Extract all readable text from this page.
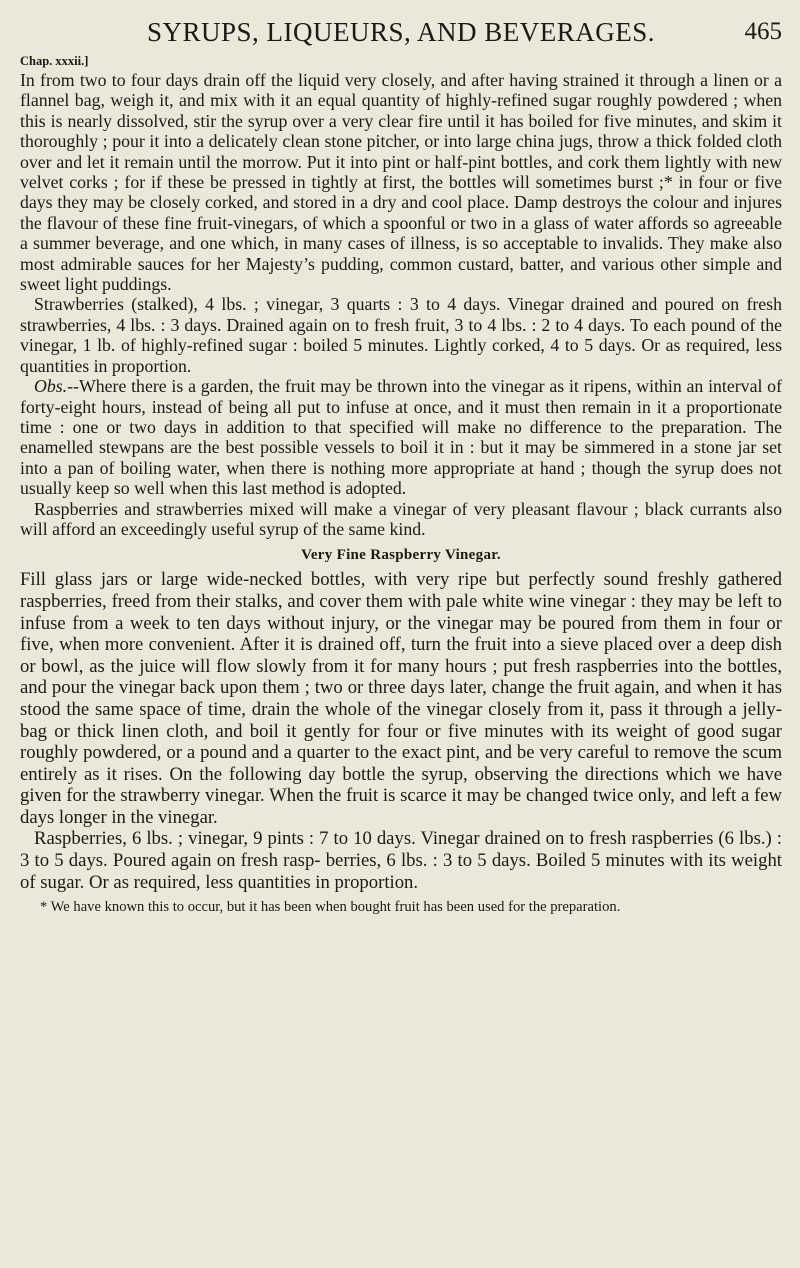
SYRUPS, LIQUEURS, AND BEVERAGES.	465
Chap. xxxii.]

In from two to four days drain off the liquid very closely, and after having strained it through a linen or a flannel bag, weigh it, and mix with it an equal quantity of highly-refined sugar roughly powdered ; when this is nearly dissolved, stir the syrup over a very clear fire until it has boiled for five minutes, and skim it thoroughly ; pour it into a delicately clean stone pitcher, or into large china jugs, throw a thick folded cloth over and let it remain until the morrow. Put it into pint or half-pint bottles, and cork them lightly with new velvet corks ; for if these be pressed in tightly at first, the bottles will sometimes burst ;* in four or five days they may be closely corked, and stored in a dry and cool place. Damp destroys the colour and injures the flavour of these fine fruit-vinegars, of which a spoonful or two in a glass of water affords so agreeable a summer beverage, and one which, in many cases of illness, is so acceptable to invalids. They make also most admirable sauces for her Majesty’s pudding, common custard, batter, and various other simple and sweet light puddings.

Strawberries (stalked), 4 lbs. ; vinegar, 3 quarts : 3 to 4 days. Vinegar drained and poured on fresh strawberries, 4 lbs. : 3 days. Drained again on to fresh fruit, 3 to 4 lbs. : 2 to 4 days. To each pound of the vinegar, 1 lb. of highly-refined sugar : boiled 5 minutes. Lightly corked, 4 to 5 days. Or as required, less quantities in proportion.

Obs.--Where there is a garden, the fruit may be thrown into the vinegar as it ripens, within an interval of forty-eight hours, instead of being all put to infuse at once, and it must then remain in it a proportionate time : one or two days in addition to that specified will make no difference to the preparation. The enamelled stewpans are the best possible vessels to boil it in : but it may be simmered in a stone jar set into a pan of boiling water, when there is nothing more appropriate at hand ; though the syrup does not usually keep so well when this last method is adopted.

Raspberries and strawberries mixed will make a vinegar of very pleasant flavour ; black currants also will afford an exceedingly useful syrup of the same kind.

Very Fine Raspberry Vinegar.

Fill glass jars or large wide-necked bottles, with very ripe but perfectly sound freshly gathered raspberries, freed from their stalks, and cover them with pale white wine vinegar : they may be left to infuse from a week to ten days without injury, or the vinegar may be poured from them in four or five, when more convenient. After it is drained off, turn the fruit into a sieve placed over a deep dish or bowl, as the juice will flow slowly from it for many hours ; put fresh raspberries into the bottles, and pour the vinegar back upon them ; two or three days later, change the fruit again, and when it has stood the same space of time, drain the whole of the vinegar closely from it, pass it through a jelly-bag or thick linen cloth, and boil it gently for four or five minutes with its weight of good sugar roughly powdered, or a pound and a quarter to the exact pint, and be very careful to remove the scum entirely as it rises. On the following day bottle the syrup, observing the directions which we have given for the strawberry vinegar. When the fruit is scarce it may be changed twice only, and left a few days longer in the vinegar.

Raspberries, 6 lbs. ; vinegar, 9 pints : 7 to 10 days. Vinegar drained on to fresh raspberries (6 lbs.) : 3 to 5 days. Poured again on fresh rasp- berries, 6 lbs. : 3 to 5 days. Boiled 5 minutes with its weight of sugar. Or as required, less quantities in proportion.

* We have known this to occur, but it has been when bought fruit has been used for the preparation.
